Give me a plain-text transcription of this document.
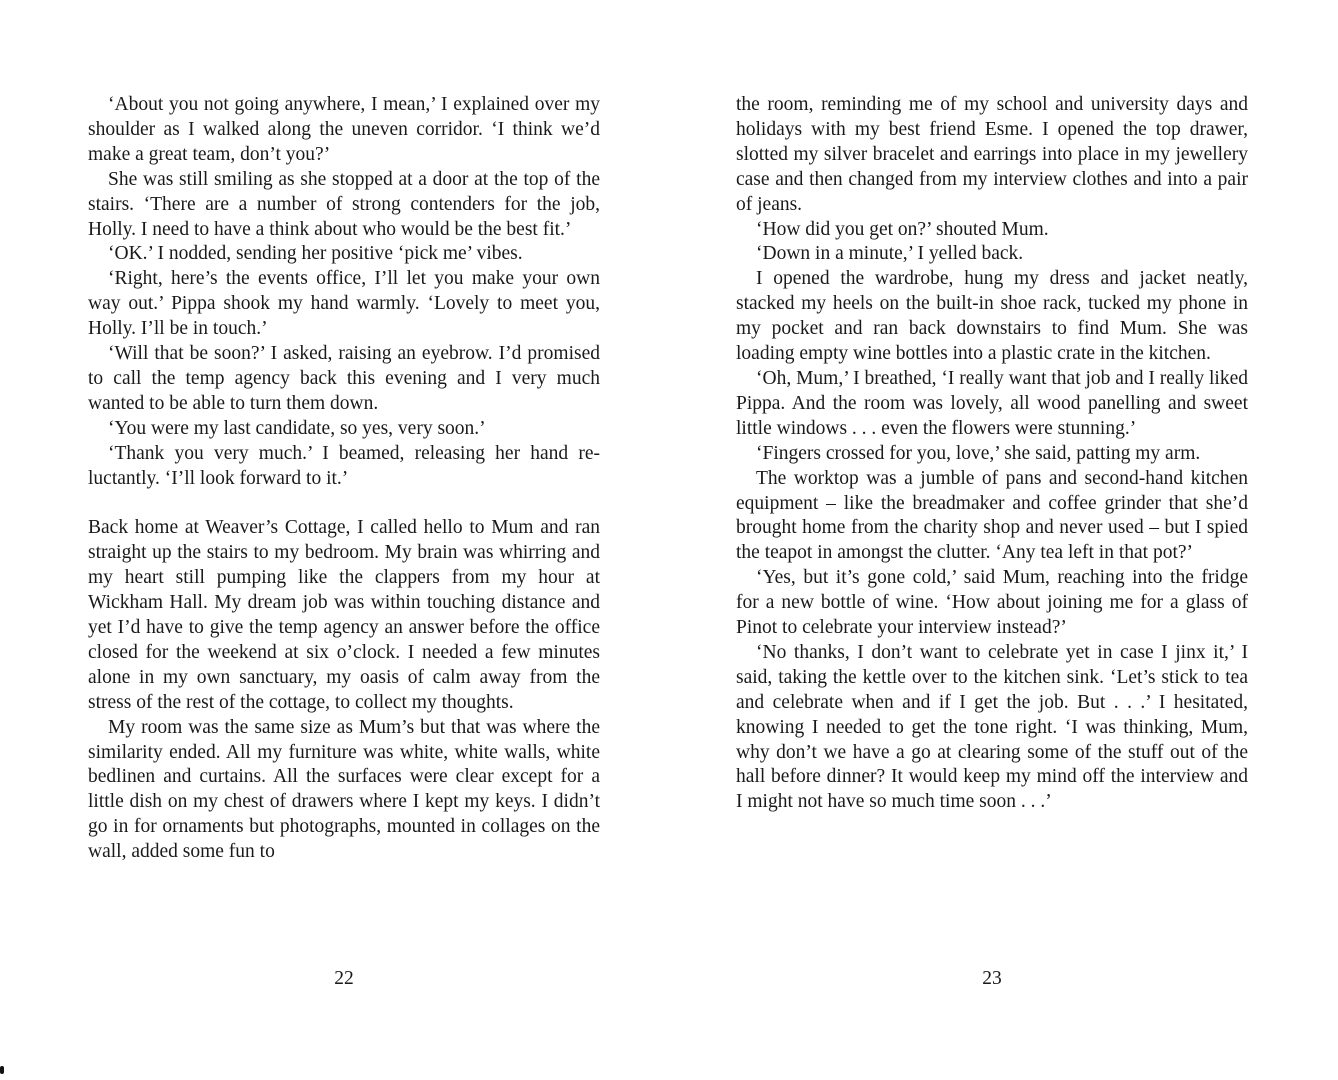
‘About you not going anywhere, I mean,’ I explained over my shoulder as I walked along the uneven corridor. ‘I think we’d make a great team, don’t you?’

She was still smiling as she stopped at a door at the top of the stairs. ‘There are a number of strong contenders for the job, Holly. I need to have a think about who would be the best fit.’

‘OK.’ I nodded, sending her positive ‘pick me’ vibes.

‘Right, here’s the events office, I’ll let you make your own way out.’ Pippa shook my hand warmly. ‘Lovely to meet you, Holly. I’ll be in touch.’

‘Will that be soon?’ I asked, raising an eyebrow. I’d promised to call the temp agency back this evening and I very much wanted to be able to turn them down.

‘You were my last candidate, so yes, very soon.’

‘Thank you very much.’ I beamed, releasing her hand reluctantly. ‘I’ll look forward to it.’

Back home at Weaver’s Cottage, I called hello to Mum and ran straight up the stairs to my bedroom. My brain was whirring and my heart still pumping like the clappers from my hour at Wickham Hall. My dream job was within touching distance and yet I’d have to give the temp agency an answer before the office closed for the weekend at six o’clock. I needed a few minutes alone in my own sanctuary, my oasis of calm away from the stress of the rest of the cottage, to collect my thoughts.

My room was the same size as Mum’s but that was where the similarity ended. All my furniture was white, white walls, white bedlinen and curtains. All the surfaces were clear except for a little dish on my chest of drawers where I kept my keys. I didn’t go in for ornaments but photographs, mounted in collages on the wall, added some fun to

the room, reminding me of my school and university days and holidays with my best friend Esme. I opened the top drawer, slotted my silver bracelet and earrings into place in my jewellery case and then changed from my interview clothes and into a pair of jeans.

‘How did you get on?’ shouted Mum.

‘Down in a minute,’ I yelled back.

I opened the wardrobe, hung my dress and jacket neatly, stacked my heels on the built-in shoe rack, tucked my phone in my pocket and ran back downstairs to find Mum. She was loading empty wine bottles into a plastic crate in the kitchen.

‘Oh, Mum,’ I breathed, ‘I really want that job and I really liked Pippa. And the room was lovely, all wood panelling and sweet little windows . . . even the flowers were stunning.’

‘Fingers crossed for you, love,’ she said, patting my arm.

The worktop was a jumble of pans and second-hand kitchen equipment – like the breadmaker and coffee grinder that she’d brought home from the charity shop and never used – but I spied the teapot in amongst the clutter. ‘Any tea left in that pot?’

‘Yes, but it’s gone cold,’ said Mum, reaching into the fridge for a new bottle of wine. ‘How about joining me for a glass of Pinot to celebrate your interview instead?’

‘No thanks, I don’t want to celebrate yet in case I jinx it,’ I said, taking the kettle over to the kitchen sink. ‘Let’s stick to tea and celebrate when and if I get the job. But . . .’ I hesitated, knowing I needed to get the tone right. ‘I was thinking, Mum, why don’t we have a go at clearing some of the stuff out of the hall before dinner? It would keep my mind off the interview and I might not have so much time soon . . .’

22	23
